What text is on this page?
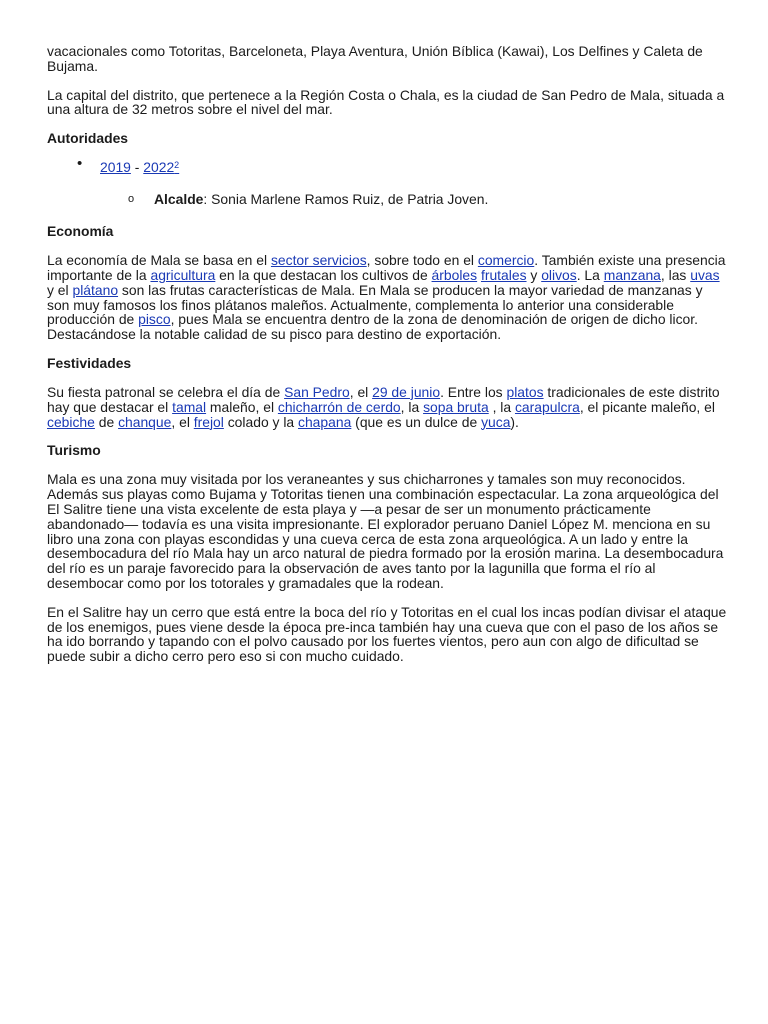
vacacionales como Totoritas, Barceloneta, Playa Aventura, Unión Bíblica (Kawai), Los Delfines y Caleta de Bujama.

La capital del distrito, que pertenece a la Región Costa o Chala, es la ciudad de San Pedro de Mala, situada a una altura de 32 metros sobre el nivel del mar.

Autoridades
• 2019 - 2022$^2$
o Alcalde: Sonia Marlene Ramos Ruiz, de Patria Joven.
Economía

La economía de Mala se basa en el sector servicios, sobre todo en el comercio. También existe una presencia importante de la agricultura en la que destacan los cultivos de árboles frutales y olivos. La manzana, las uvas y el plátano son las frutas características de Mala. En Mala se producen la mayor variedad de manzanas y son muy famosos los finos plátanos maleños. Actualmente, complementa lo anterior una considerable producción de pisco, pues Mala se encuentra dentro de la zona de denominación de origen de dicho licor. Destacándose la notable calidad de su pisco para destino de exportación.

Festividades

Su fiesta patronal se celebra el día de San Pedro, el 29 de junio. Entre los platos tradicionales de este distrito hay que destacar el tamal maleño, el chicharrón de cerdo, la sopa bruta , la carapulcra, el picante maleño, el cebiche de chanque, el frejol colado y la chapana (que es un dulce de yuca).

Turismo

Mala es una zona muy visitada por los veraneantes y sus chicharrones y tamales son muy reconocidos. Además sus playas como Bujama y Totoritas tienen una combinación espectacular. La zona arqueológica del El Salitre tiene una vista excelente de esta playa y —a pesar de ser un monumento prácticamente abandonado— todavía es una visita impresionante. El explorador peruano Daniel López M. menciona en su libro una zona con playas escondidas y una cueva cerca de esta zona arqueológica. A un lado y entre la desembocadura del río Mala hay un arco natural de piedra formado por la erosión marina. La desembocadura del río es un paraje favorecido para la observación de aves tanto por la lagunilla que forma el río al desembocar como por los totorales y gramadales que la rodean.

En el Salitre hay un cerro que está entre la boca del río y Totoritas en el cual los incas podían divisar el ataque de los enemigos, pues viene desde la época pre-inca también hay una cueva que con el paso de los años se ha ido borrando y tapando con el polvo causado por los fuertes vientos, pero aun con algo de dificultad se puede subir a dicho cerro pero eso si con mucho cuidado.
